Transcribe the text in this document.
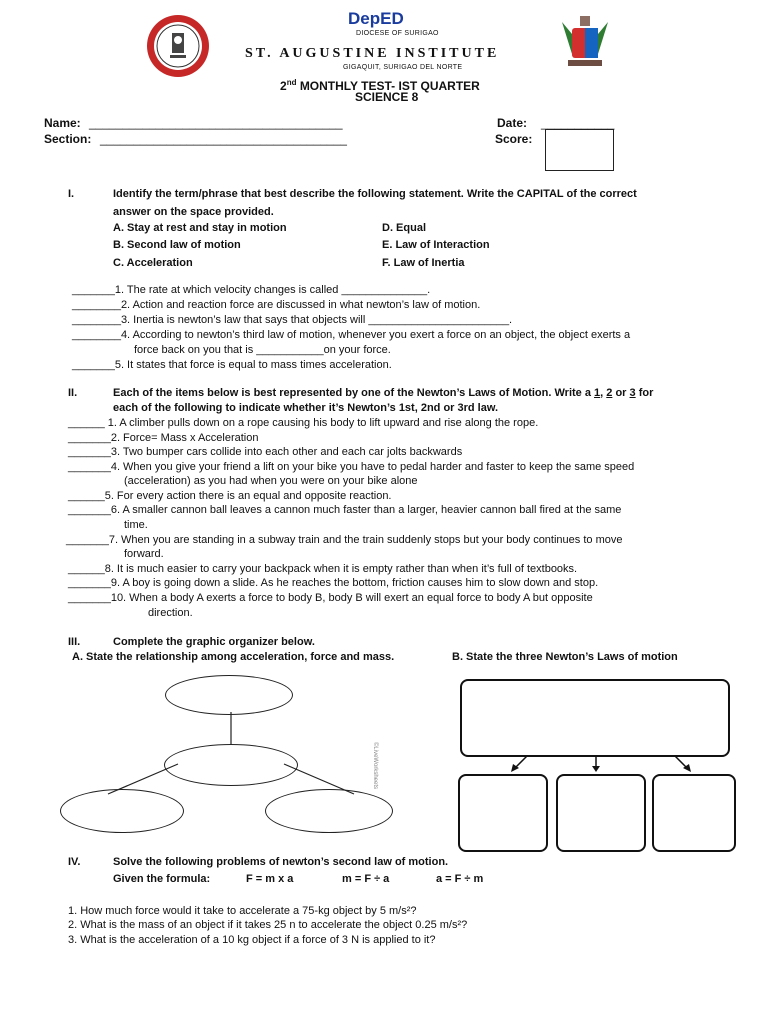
DepED
DIOCESE OF SURIGAO
ST. AUGUSTINE INSTITUTE
GIGAQUIT, SURIGAO DEL NORTE
2nd MONTHLY TEST- IST QUARTER
SCIENCE 8
Name: ______________________________________
Section: _____________________________________
Date: ___________
Score:
I.	Identify the term/phrase that best describe the following statement. Write the CAPITAL of the correct
answer on the space provided.
A. Stay at rest and stay in motion
B. Second law of motion
C. Acceleration
D. Equal
E. Law of Interaction
F. Law of Inertia
_______1. The rate at which velocity changes is called ______________.
________2. Action and reaction force are discussed in what newton’s law of motion.
________3. Inertia is newton’s law that says that objects will _______________________.
________4. According to newton’s third law of motion, whenever you exert a force on an object, the object exerts a
force back on you that is ___________on your force.
_______5. It states that force is equal to mass times acceleration.
II.	Each of the items below is best represented by one of the Newton’s Laws of Motion. Write a 1, 2 or 3 for
each of the following to indicate whether it’s Newton’s 1st, 2nd or 3rd law.
______ 1. A climber pulls down on a rope causing his body to lift upward and rise along the rope.
_______2. Force= Mass x Acceleration
_______3. Two bumper cars collide into each other and each car jolts backwards
_______4. When you give your friend a lift on your bike you have to pedal harder and faster to keep the same speed
(acceleration) as you had when you were on your bike alone
______5. For every action there is an equal and opposite reaction.
_______6. A smaller cannon ball leaves a cannon much faster than a larger, heavier cannon ball fired at the same
time.
_______7. When you are standing in a subway train and the train suddenly stops but your body continues to move
forward.
______8. It is much easier to carry your backpack when it is empty rather than when it’s full of textbooks.
_______9. A boy is going down a slide. As he reaches the bottom, friction causes him to slow down and stop.
_______10. When a body A exerts a force to body B, body B will exert an equal force to body A but opposite
direction.
III.	Complete the graphic organizer below.
A. State the relationship among acceleration, force and mass.	B. State the three Newton’s Laws of motion
©LiveWorksheets
IV.	Solve the following problems of newton’s second law of motion.
Given the formula:	F = m x a	m = F ÷ a	a = F ÷ m
1. How much force would it take to accelerate a 75-kg object by 5 m/s²?
2. What is the mass of an object if it takes 25 n to accelerate the object 0.25 m/s²?
3. What is the acceleration of a 10 kg object if a force of 3 N is applied to it?
